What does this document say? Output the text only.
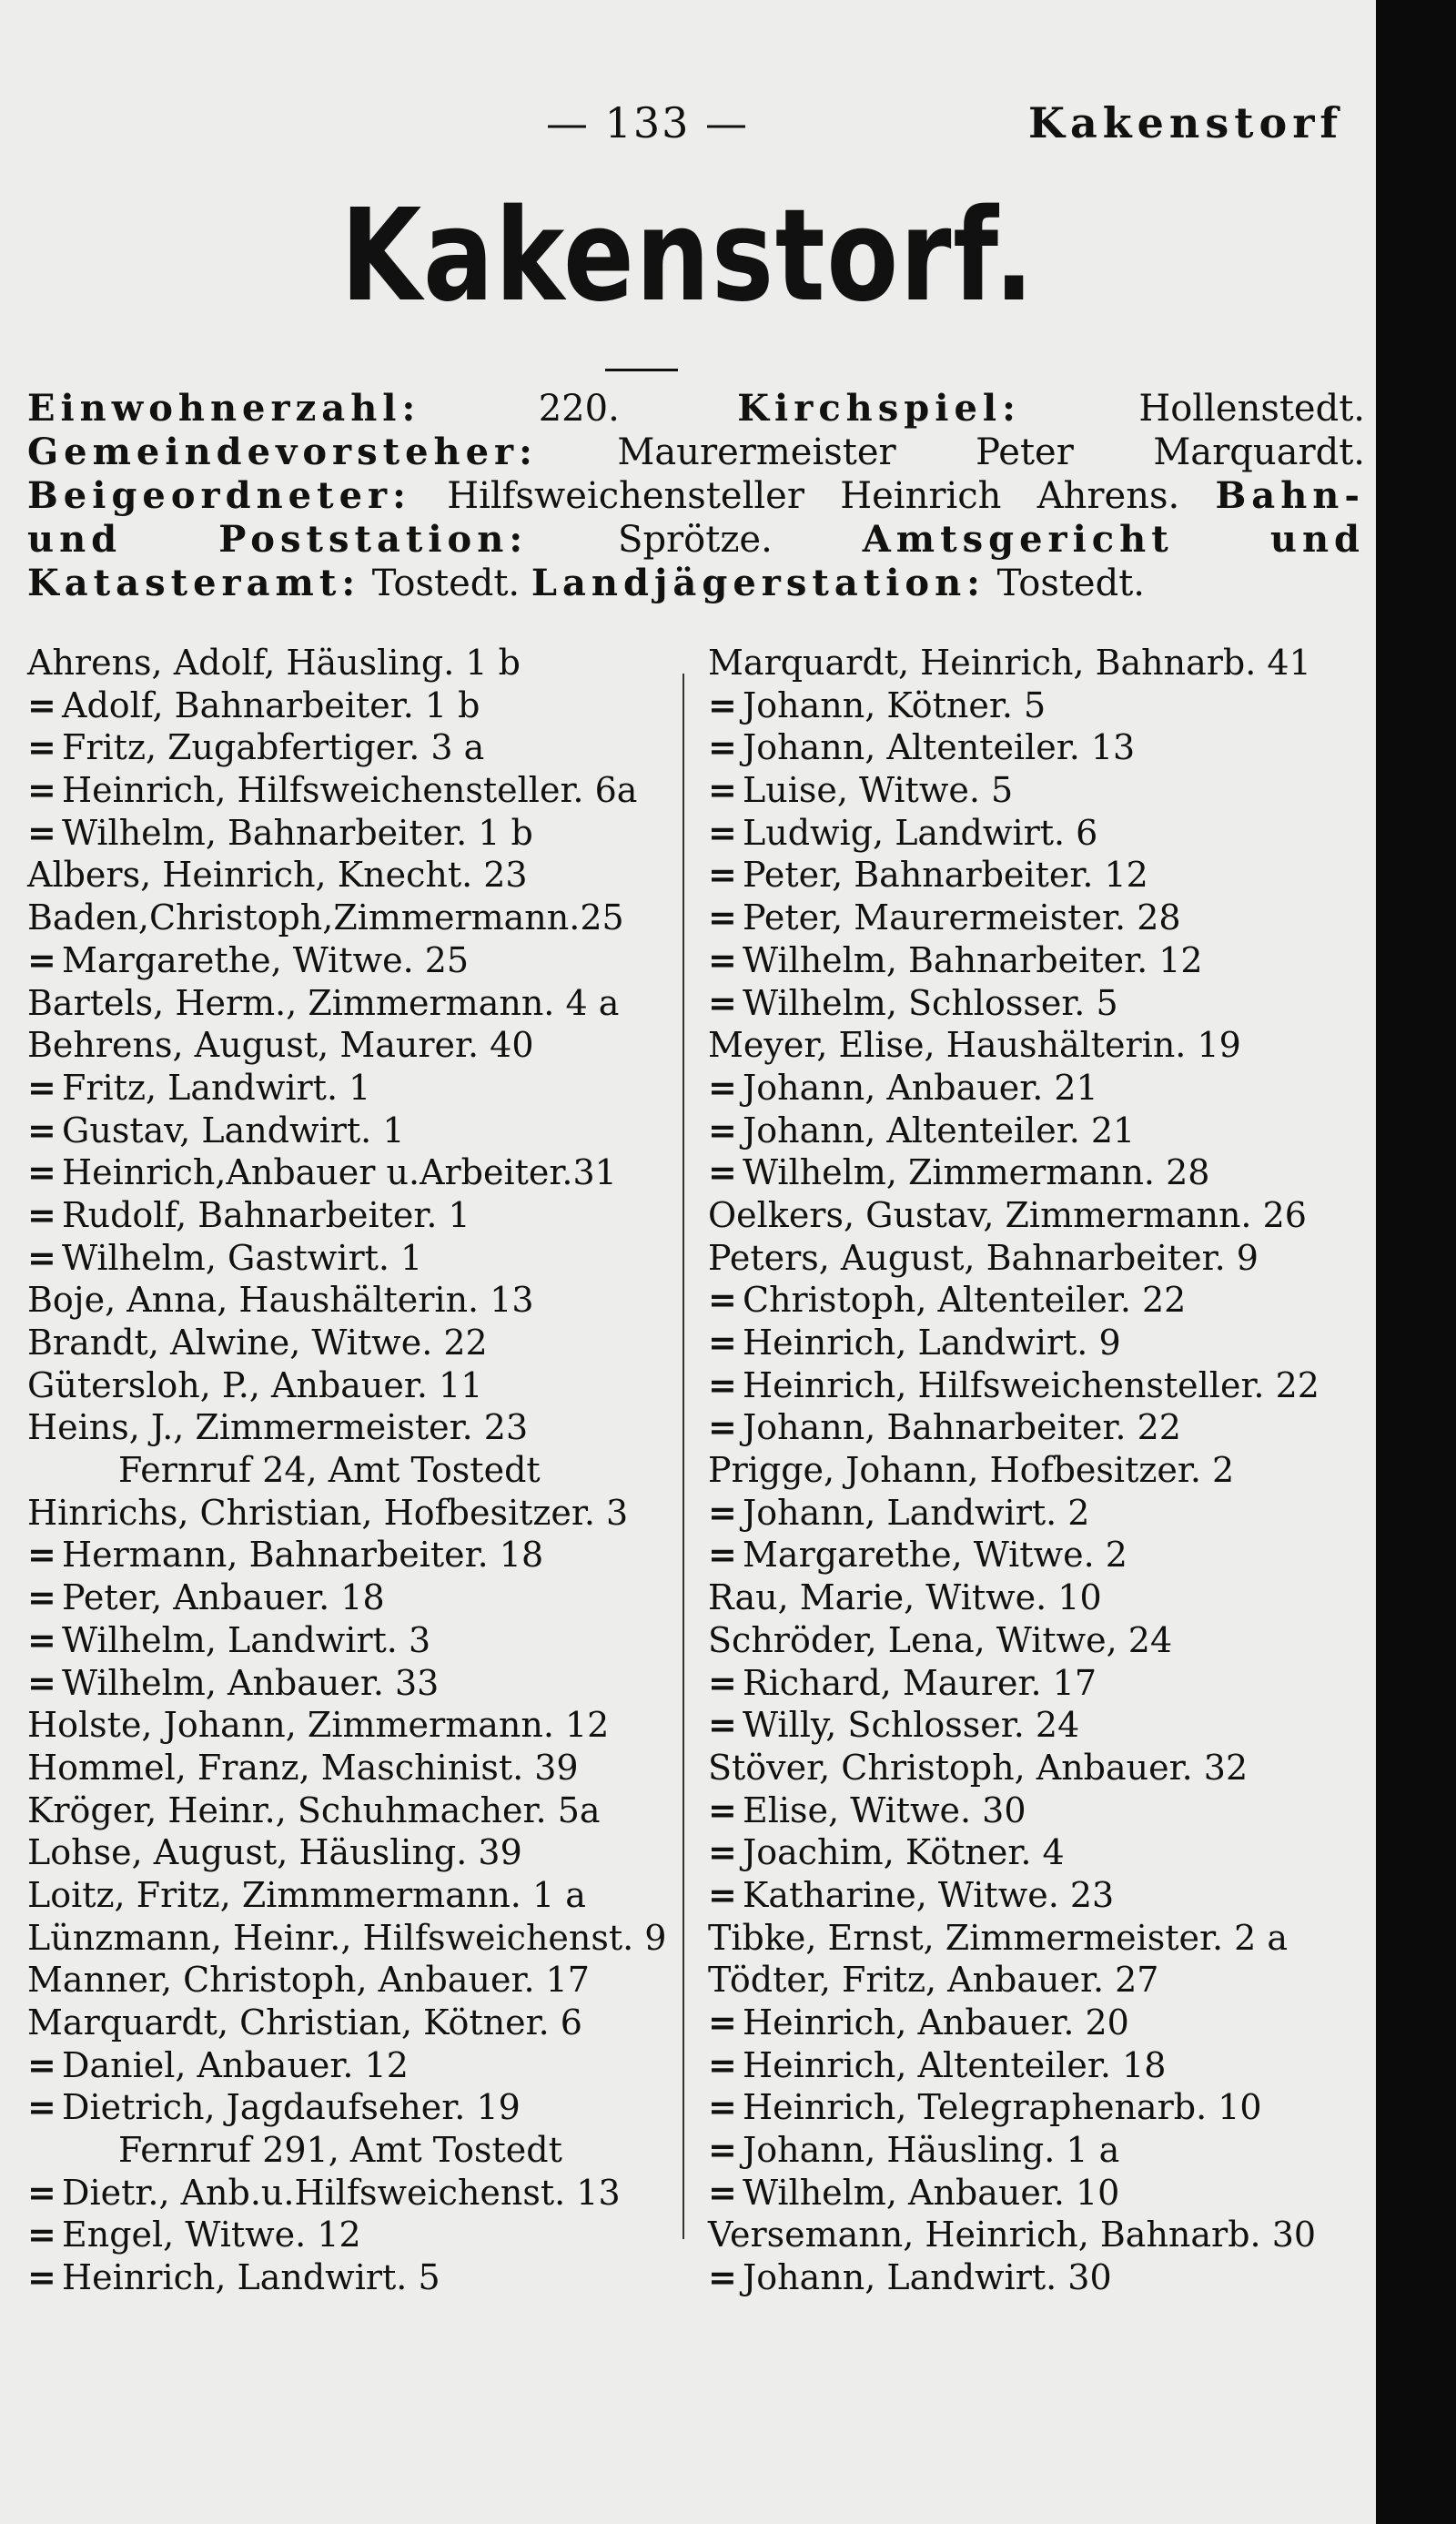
— 133 —	Kakenstorf
Kakenstorf.
Einwohnerzahl: 220. Kirchspiel: Hollenstedt. Gemeindevorsteher: Maurermeister Peter Marquardt. Beigeordneter: Hilfsweichensteller Heinrich Ahrens. Bahn- und Poststation: Sprötze. Amtsgericht und Katasteramt: Tostedt. Landjägerstation: Tostedt.
Ahrens, Adolf, Häusling. 1 b
= Adolf, Bahnarbeiter. 1 b
= Fritz, Zugabfertiger. 3 a
= Heinrich, Hilfsweichensteller. 6a
= Wilhelm, Bahnarbeiter. 1 b
Albers, Heinrich, Knecht. 23
Baden,Christoph,Zimmermann.25
= Margarethe, Witwe. 25
Bartels, Herm., Zimmermann. 4 a
Behrens, August, Maurer. 40
= Fritz, Landwirt. 1
= Gustav, Landwirt. 1
= Heinrich,Anbauer u.Arbeiter.31
= Rudolf, Bahnarbeiter. 1
= Wilhelm, Gastwirt. 1
Boje, Anna, Haushälterin. 13
Brandt, Alwine, Witwe. 22
Gütersloh, P., Anbauer. 11
Heins, J., Zimmermeister. 23
Fernruf 24, Amt Tostedt
Hinrichs, Christian, Hofbesitzer. 3
= Hermann, Bahnarbeiter. 18
= Peter, Anbauer. 18
= Wilhelm, Landwirt. 3
= Wilhelm, Anbauer. 33
Holste, Johann, Zimmermann. 12
Hommel, Franz, Maschinist. 39
Kröger, Heinr., Schuhmacher. 5a
Lohse, August, Häusling. 39
Loitz, Fritz, Zimmmermann. 1 a
Lünzmann, Heinr., Hilfsweichenst. 9
Manner, Christoph, Anbauer. 17
Marquardt, Christian, Kötner. 6
= Daniel, Anbauer. 12
= Dietrich, Jagdaufseher. 19
Fernruf 291, Amt Tostedt
= Dietr., Anb.u.Hilfsweichenst. 13
= Engel, Witwe. 12
= Heinrich, Landwirt. 5
Marquardt, Heinrich, Bahnarb. 41
= Johann, Kötner. 5
= Johann, Altenteiler. 13
= Luise, Witwe. 5
= Ludwig, Landwirt. 6
= Peter, Bahnarbeiter. 12
= Peter, Maurermeister. 28
= Wilhelm, Bahnarbeiter. 12
= Wilhelm, Schlosser. 5
Meyer, Elise, Haushälterin. 19
= Johann, Anbauer. 21
= Johann, Altenteiler. 21
= Wilhelm, Zimmermann. 28
Oelkers, Gustav, Zimmermann. 26
Peters, August, Bahnarbeiter. 9
= Christoph, Altenteiler. 22
= Heinrich, Landwirt. 9
= Heinrich, Hilfsweichensteller. 22
= Johann, Bahnarbeiter. 22
Prigge, Johann, Hofbesitzer. 2
= Johann, Landwirt. 2
= Margarethe, Witwe. 2
Rau, Marie, Witwe. 10
Schröder, Lena, Witwe, 24
= Richard, Maurer. 17
= Willy, Schlosser. 24
Stöver, Christoph, Anbauer. 32
= Elise, Witwe. 30
= Joachim, Kötner. 4
= Katharine, Witwe. 23
Tibke, Ernst, Zimmermeister. 2 a
Tödter, Fritz, Anbauer. 27
= Heinrich, Anbauer. 20
= Heinrich, Altenteiler. 18
= Heinrich, Telegraphenarb. 10
= Johann, Häusling. 1 a
= Wilhelm, Anbauer. 10
Versemann, Heinrich, Bahnarb. 30
= Johann, Landwirt. 30
